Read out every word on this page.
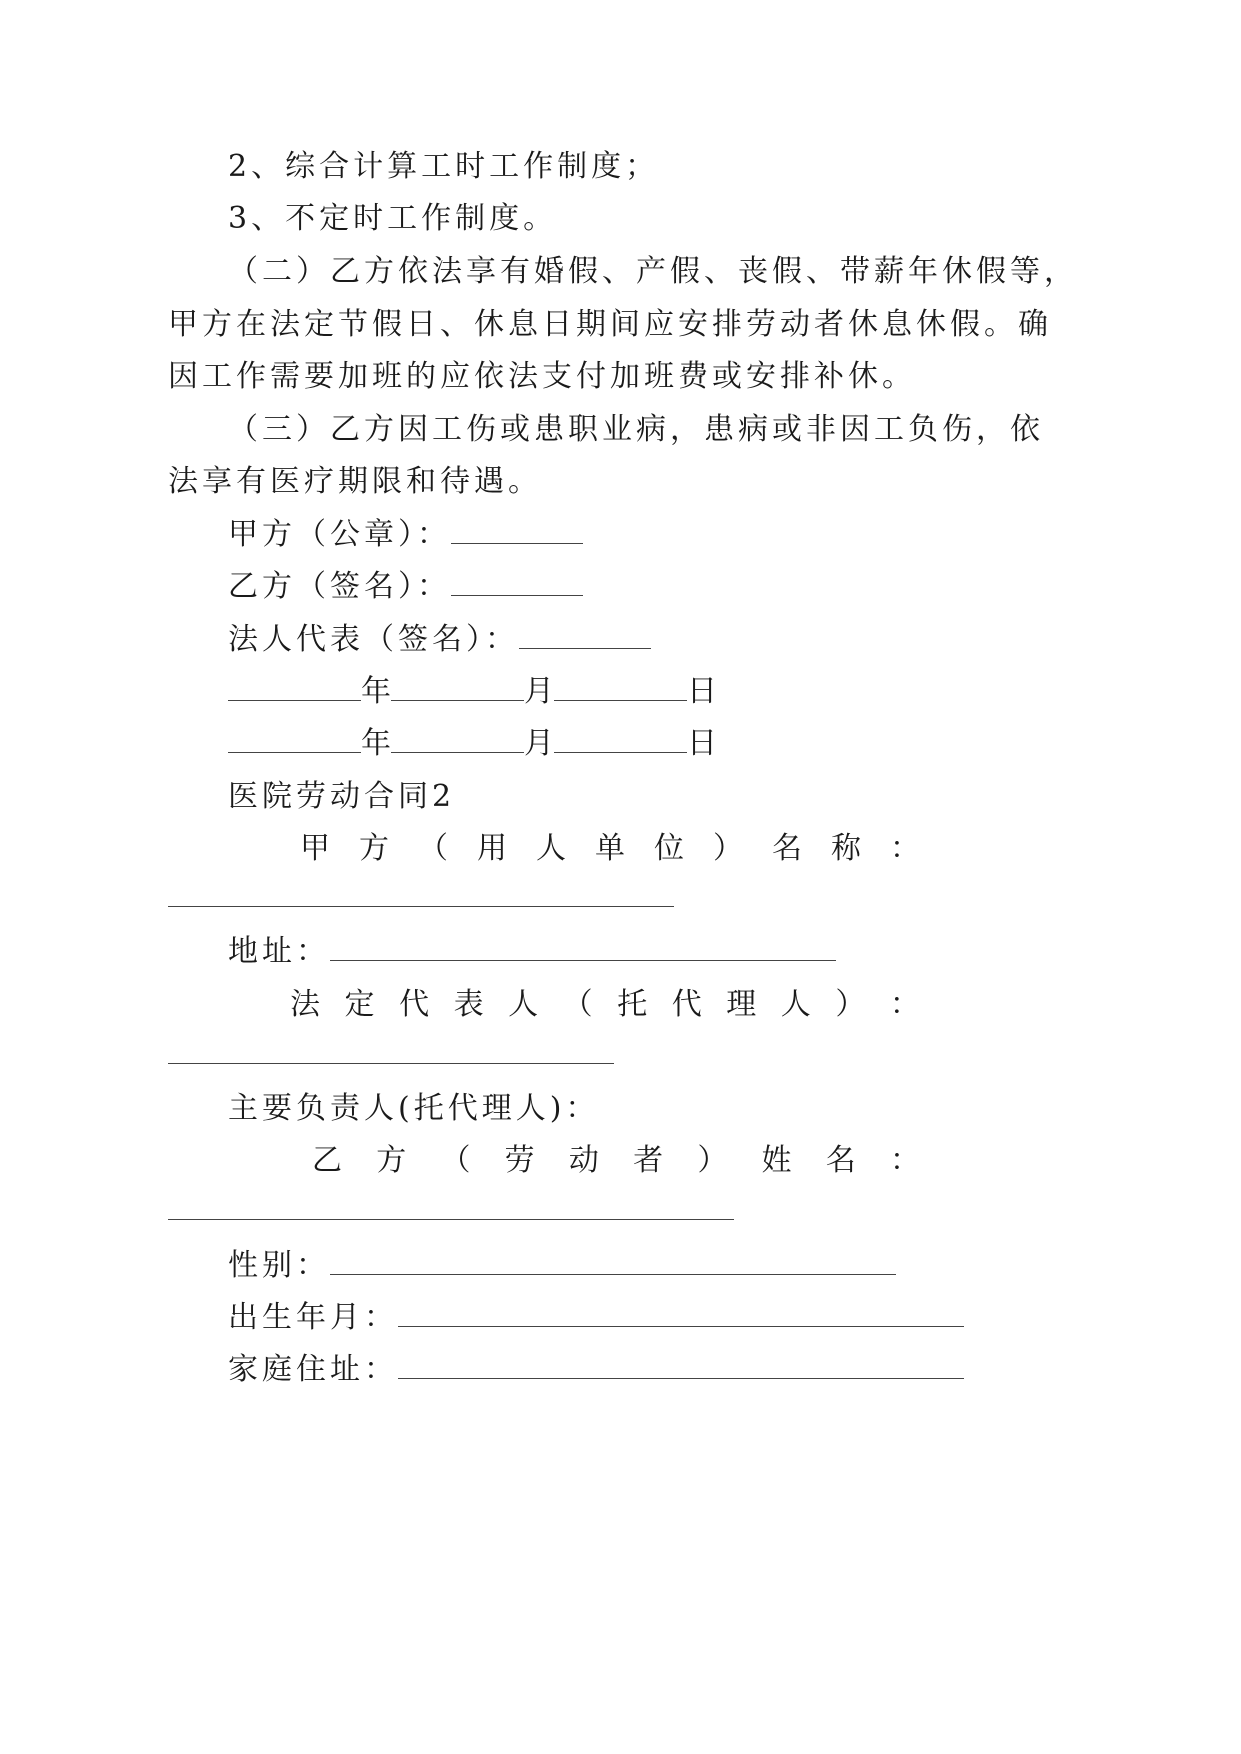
2、综合计算工时工作制度；
3、不定时工作制度。
（二）乙方依法享有婚假、产假、丧假、带薪年休假等，
甲方在法定节假日、休息日期间应安排劳动者休息休假。确
因工作需要加班的应依法支付加班费或安排补休。
（三）乙方因工伤或患职业病，患病或非因工负伤，依
法享有医疗期限和待遇。
甲方（公章）：
乙方（签名）：
法人代表（签名）：
年	月	日
年	月	日
医院劳动合同2
甲 方 （ 用 人 单 位 ） 名 称 ：
地址：
法 定 代 表 人 （ 托 代 理 人 ） ：
主要负责人(托代理人)：
乙 方 （ 劳 动 者 ） 姓 名 ：
性别：
出生年月：
家庭住址：
